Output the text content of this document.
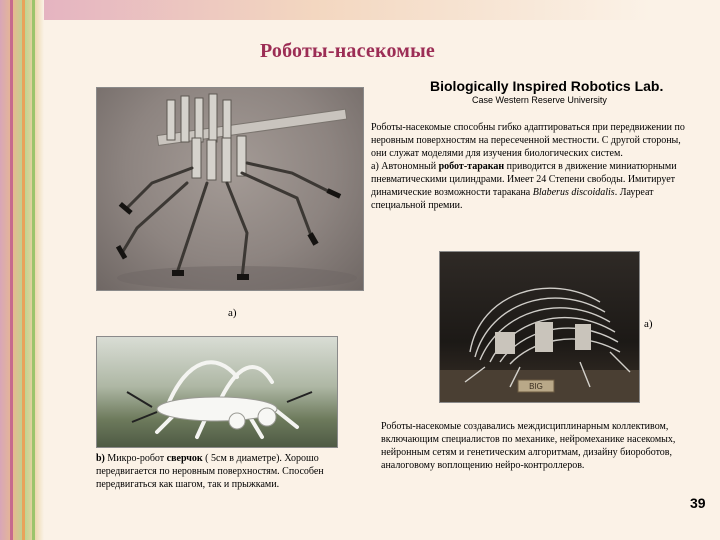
Роботы-насекомые
Biologically Inspired Robotics Lab.
Case Western Reserve University
а)

Роботы-насекомые способны гибко адаптироваться при передвижении по неровным поверхностям на пересеченной местности. С другой стороны, они служат моделями для изучения биологических систем.

а) Автономный робот-таракан приводится в движение миниатюрными пневматическими цилиндрами. Имеет 24 Степени свободы. Имитирует динамические возможности таракана Blaberus discoidalis. Лауреат специальной премии.

BIG
а)
b) Микро-робот сверчок ( 5см в диаметре). Хорошо передвигается по неровным поверхностям. Способен передвигаться как шагом, так и прыжками.
Роботы-насекомые создавались междисциплинарным коллективом, включающим специалистов по механике, нейромеханике насекомых, нейронным сетям и генетическим алгоритмам, дизайну биороботов, аналоговому воплощению нейро-контроллеров.
39
